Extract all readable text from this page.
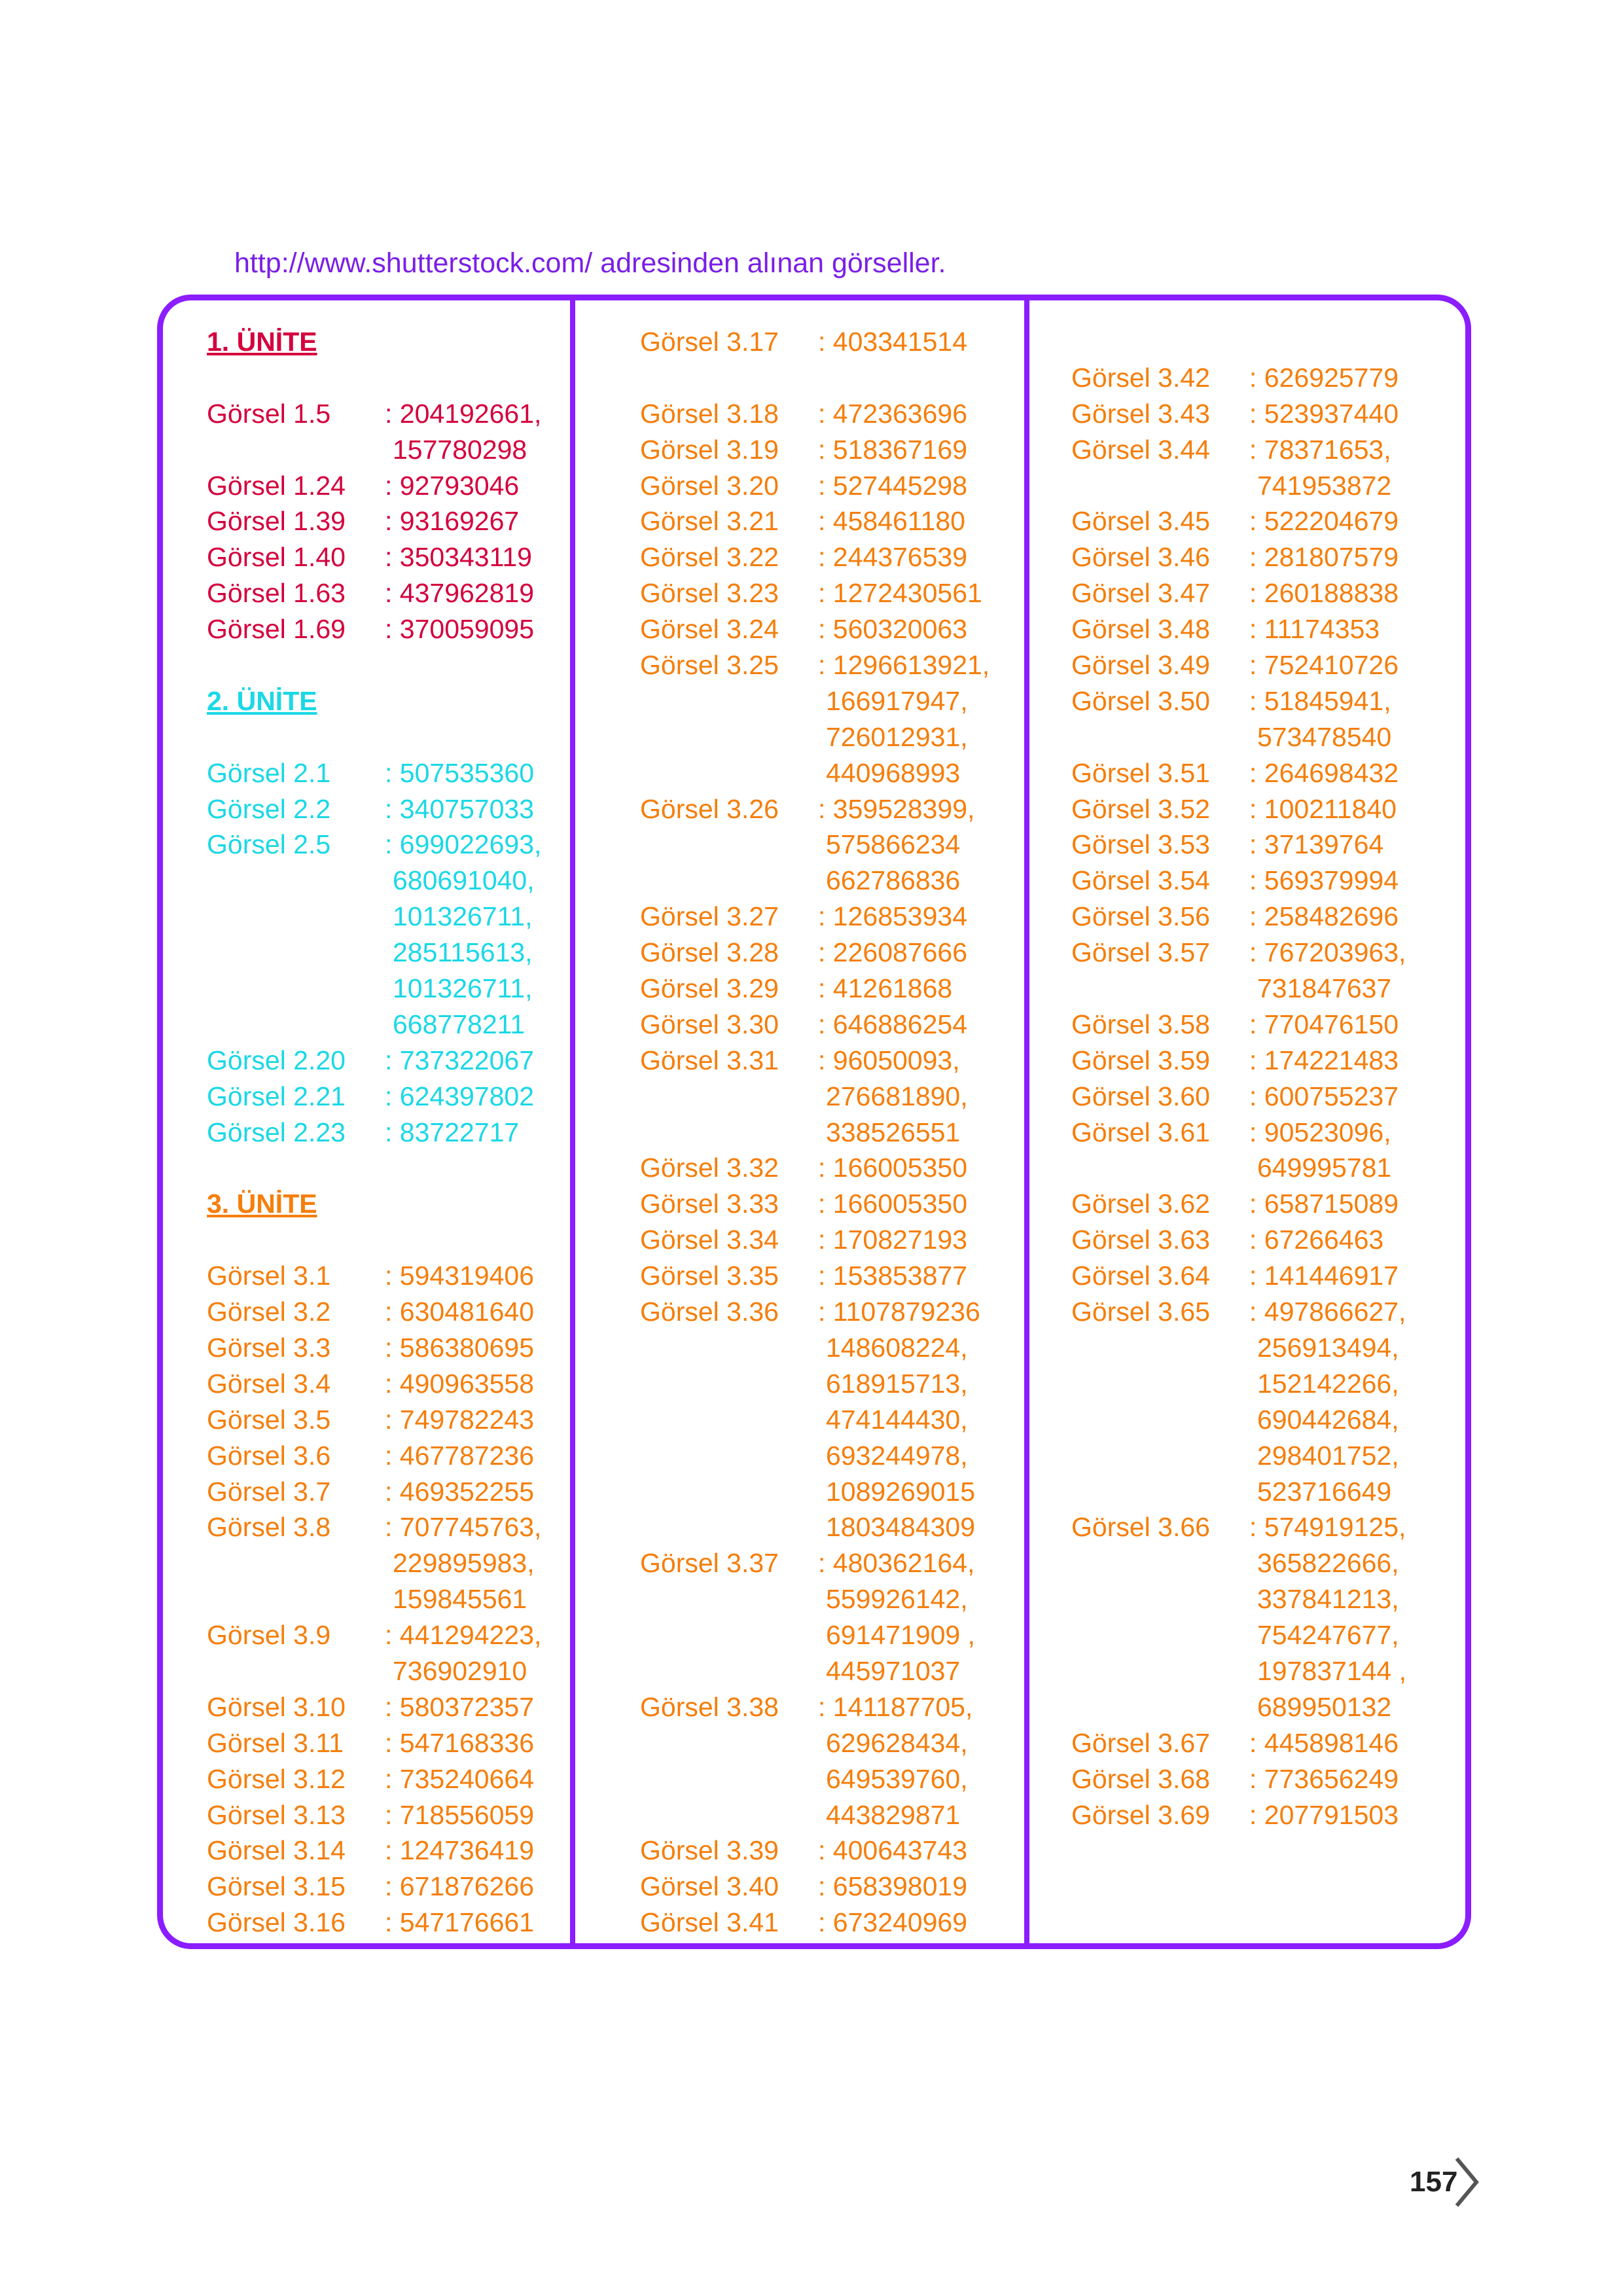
http://www.shutterstock.com/ adresinden alınan görseller.
1. ÜNİTE
Görsel 1.5 : 204192661,
157780298
Görsel 1.24 : 92793046
Görsel 1.39 : 93169267
Görsel 1.40 : 350343119
Görsel 1.63 : 437962819
Görsel 1.69 : 370059095
2. ÜNİTE
Görsel 2.1 : 507535360
Görsel 2.2 : 340757033
Görsel 2.5 : 699022693,
680691040,
101326711,
285115613,
101326711,
668778211
Görsel 2.20 : 737322067
Görsel 2.21 : 624397802
Görsel 2.23 : 83722717
3. ÜNİTE
Görsel 3.1 : 594319406
Görsel 3.2 : 630481640
Görsel 3.3 : 586380695
Görsel 3.4 : 490963558
Görsel 3.5 : 749782243
Görsel 3.6 : 467787236
Görsel 3.7 : 469352255
Görsel 3.8 : 707745763,
229895983,
159845561
Görsel 3.9 : 441294223,
736902910
Görsel 3.10 : 580372357
Görsel 3.11 : 547168336
Görsel 3.12 : 735240664
Görsel 3.13 : 718556059
Görsel 3.14 : 124736419
Görsel 3.15 : 671876266
Görsel 3.16 : 547176661
Görsel 3.17 : 403341514
Görsel 3.18 : 472363696
Görsel 3.19 : 518367169
Görsel 3.20 : 527445298
Görsel 3.21 : 458461180
Görsel 3.22 : 244376539
Görsel 3.23 : 1272430561
Görsel 3.24 : 560320063
Görsel 3.25 : 1296613921,
166917947,
726012931,
440968993
Görsel 3.26 : 359528399,
575866234
662786836
Görsel 3.27 : 126853934
Görsel 3.28 : 226087666
Görsel 3.29 : 41261868
Görsel 3.30 : 646886254
Görsel 3.31 : 96050093,
276681890,
338526551
Görsel 3.32 : 166005350
Görsel 3.33 : 166005350
Görsel 3.34 : 170827193
Görsel 3.35 : 153853877
Görsel 3.36 : 1107879236
148608224,
618915713,
474144430,
693244978,
1089269015
1803484309
Görsel 3.37 : 480362164,
559926142,
691471909 ,
445971037
Görsel 3.38 : 141187705,
629628434,
649539760,
443829871
Görsel 3.39 : 400643743
Görsel 3.40 : 658398019
Görsel 3.41 : 673240969
Görsel 3.42 : 626925779
Görsel 3.43 : 523937440
Görsel 3.44 : 78371653,
741953872
Görsel 3.45 : 522204679
Görsel 3.46 : 281807579
Görsel 3.47 : 260188838
Görsel 3.48 : 11174353
Görsel 3.49 : 752410726
Görsel 3.50 : 51845941,
573478540
Görsel 3.51 : 264698432
Görsel 3.52 : 100211840
Görsel 3.53 : 37139764
Görsel 3.54 : 569379994
Görsel 3.56 : 258482696
Görsel 3.57 : 767203963,
731847637
Görsel 3.58 : 770476150
Görsel 3.59 : 174221483
Görsel 3.60 : 600755237
Görsel 3.61 : 90523096,
649995781
Görsel 3.62 : 658715089
Görsel 3.63 : 67266463
Görsel 3.64 : 141446917
Görsel 3.65 : 497866627,
256913494,
152142266,
690442684,
298401752,
523716649
Görsel 3.66 : 574919125,
365822666,
337841213,
754247677,
197837144 ,
689950132
Görsel 3.67 : 445898146
Görsel 3.68 : 773656249
Görsel 3.69 : 207791503
157
